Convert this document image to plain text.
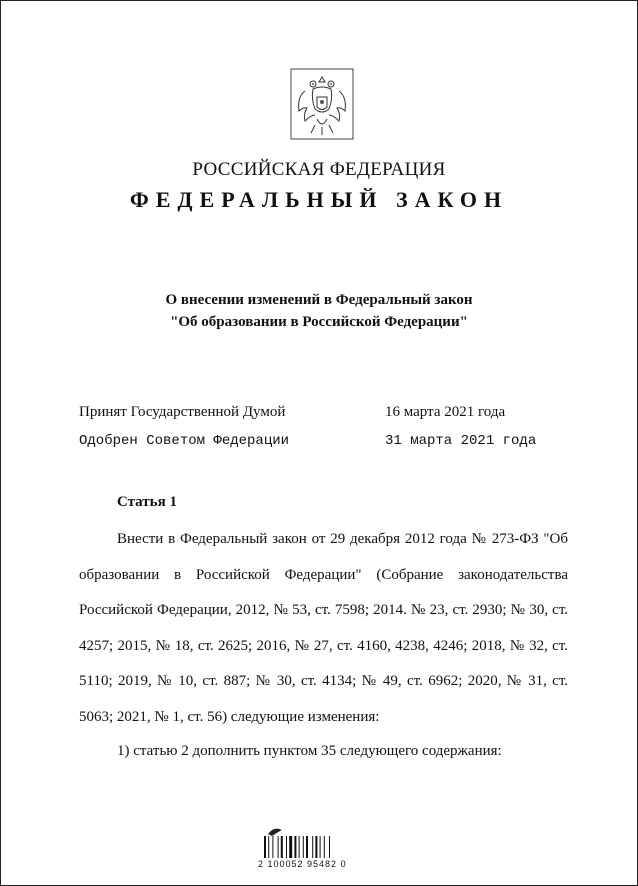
РОССИЙСКАЯ ФЕДЕРАЦИЯ
ФЕДЕРАЛЬНЫЙ ЗАКОН
О внесении изменений в Федеральный закон
"Об образовании в Российской Федерации"
Принят Государственной Думой	16 марта 2021 года
Одобрен Советом Федерации	31 марта 2021 года
Статья 1
Внести в Федеральный закон от 29 декабря 2012 года № 273-ФЗ "Об образовании в Российской Федерации" (Собрание законодательства Российской Федерации, 2012, № 53, ст. 7598; 2014. № 23, ст. 2930; № 30, ст. 4257; 2015, № 18, ст. 2625; 2016, № 27, ст. 4160, 4238, 4246; 2018, № 32, ст. 5110; 2019, № 10, ст. 887; № 30, ст. 4134; № 49, ст. 6962; 2020, № 31, ст. 5063; 2021, № 1, ст. 56) следующие изменения:
1) статью 2 дополнить пунктом 35 следующего содержания:
2 100052 95482 0
